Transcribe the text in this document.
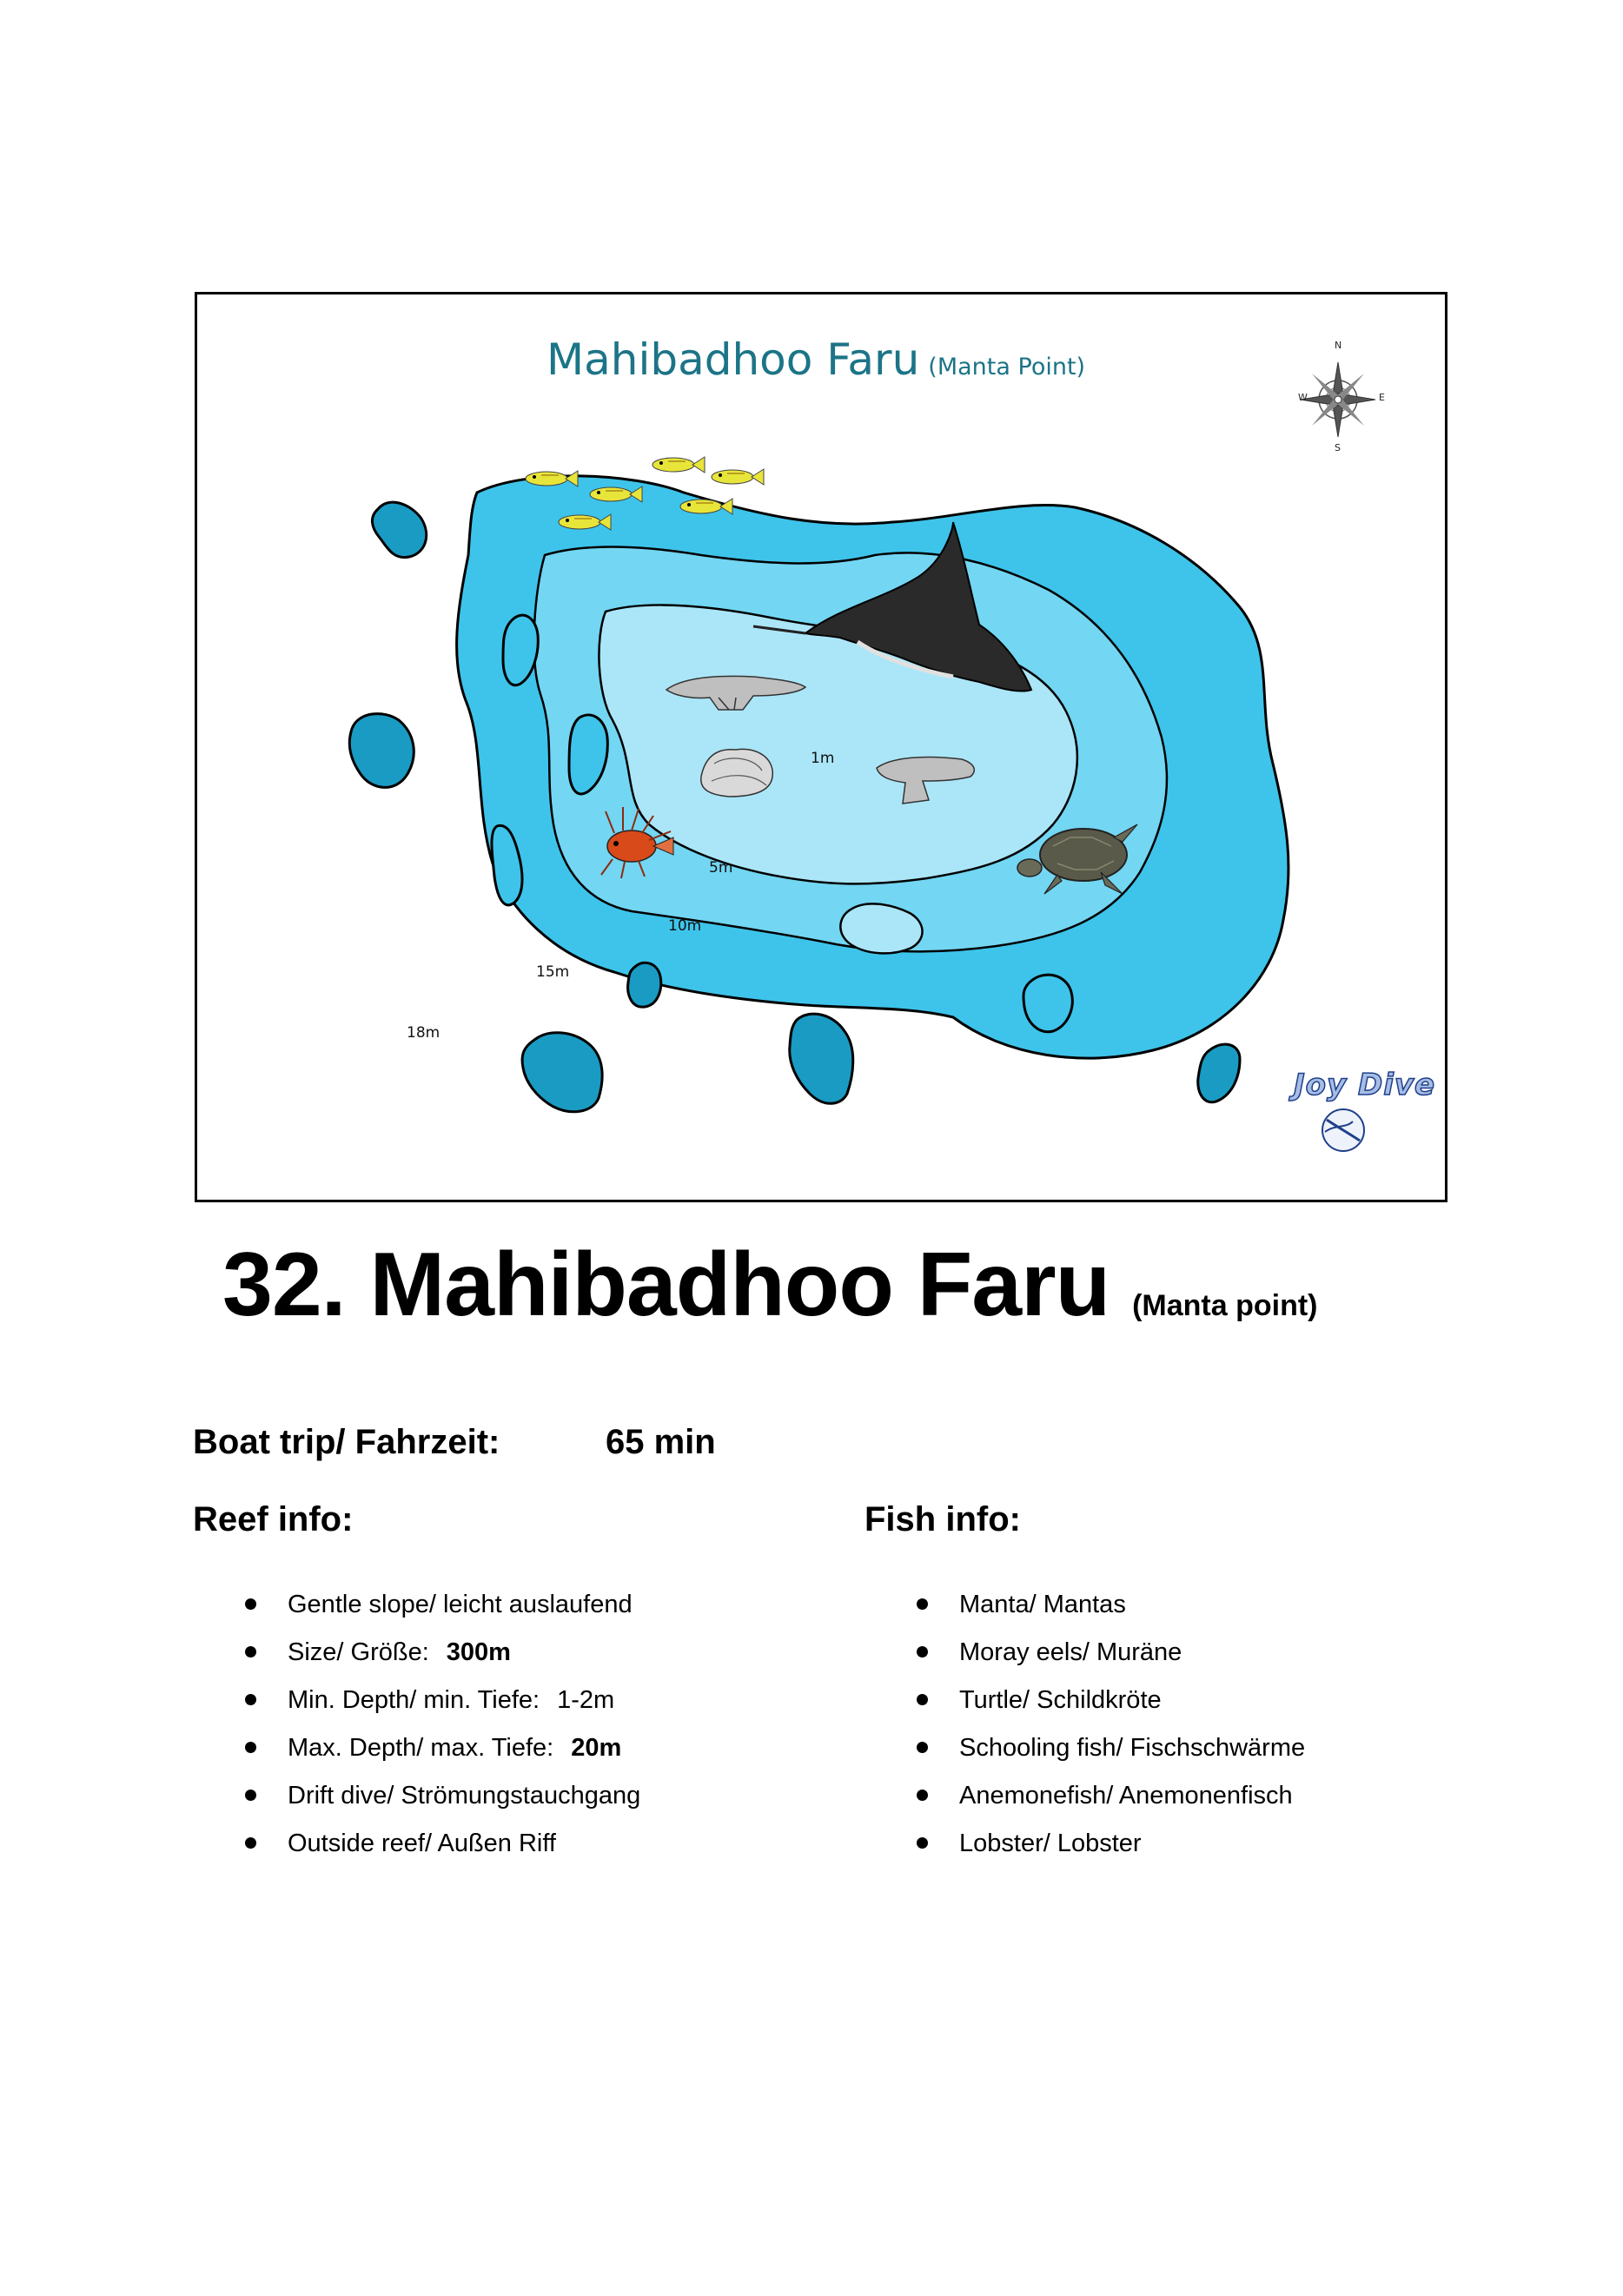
Mahibadhoo Faru (Manta Point)
N
E
S
W
1m
5m
10m
15m
18m
Joy Dive
32. Mahibadhoo Faru (Manta point)
Boat trip/ Fahrzeit:	65 min
Reef info:	Fish info:
Gentle slope/ leicht auslaufend
Size/ Größe: 300m
Min. Depth/ min. Tiefe: 1-2m
Max. Depth/ max. Tiefe: 20m
Drift dive/ Strömungstauchgang
Outside reef/ Außen Riff
Manta/ Mantas
Moray eels/ Muräne
Turtle/ Schildkröte
Schooling fish/ Fischschwärme
Anemonefish/ Anemonenfisch
Lobster/ Lobster
